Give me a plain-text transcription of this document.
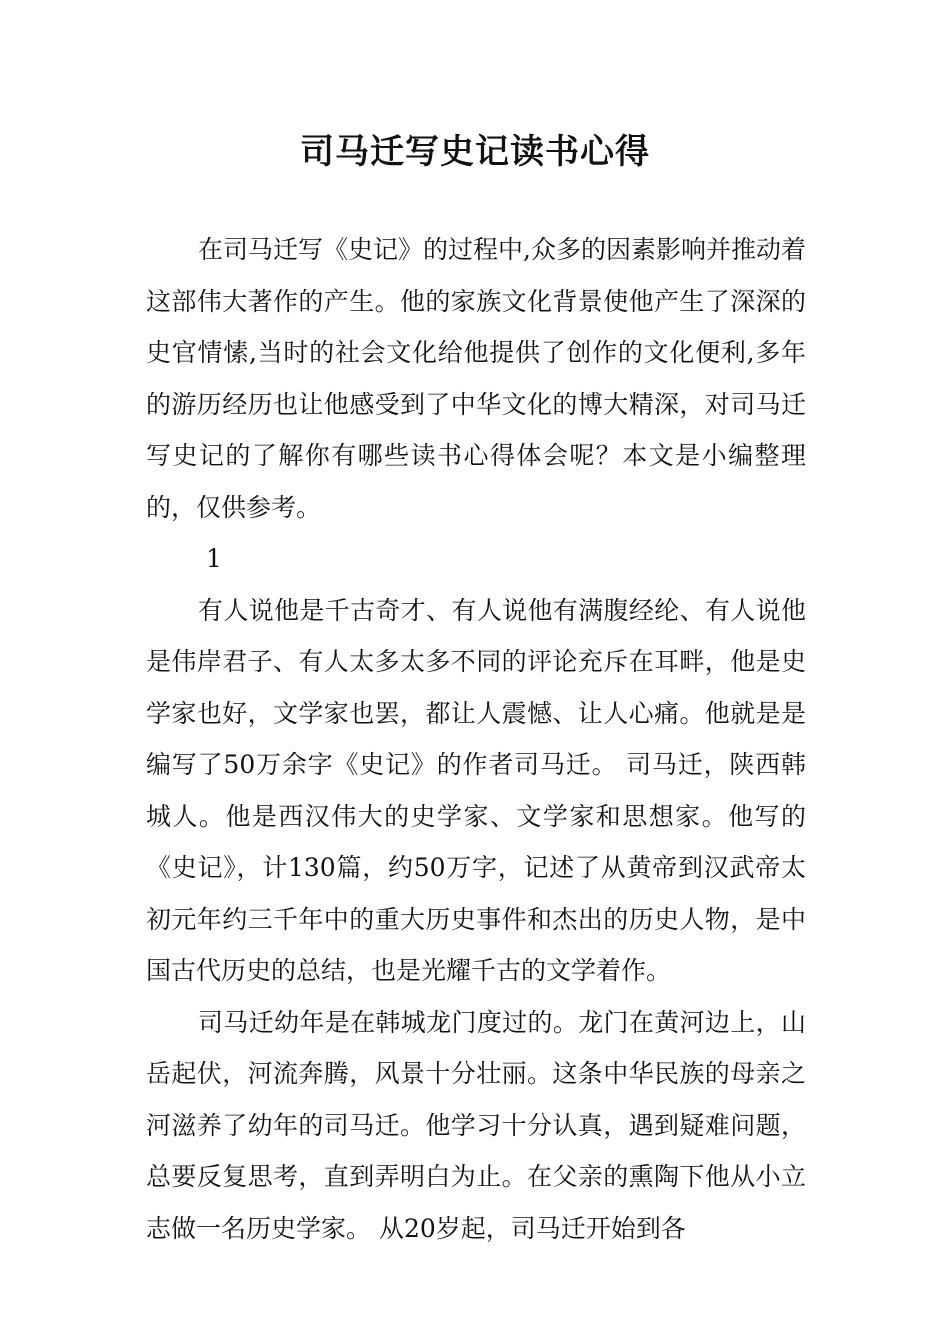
司马迁写史记读书心得

在司马迁写《史记》的过程中,众多的因素影响并推动着这部伟大著作的产生。他的家族文化背景使他产生了深深的史官情愫,当时的社会文化给他提供了创作的文化便利,多年的游历经历也让他感受到了中华文化的博大精深，对司马迁写史记的了解你有哪些读书心得体会呢？本文是小编整理的，仅供参考。

1

有人说他是千古奇才、有人说他有满腹经纶、有人说他是伟岸君子、有人太多太多不同的评论充斥在耳畔，他是史学家也好，文学家也罢，都让人震憾、让人心痛。他就是是编写了50万余字《史记》的作者司马迁。 司马迁，陕西韩城人。他是西汉伟大的史学家、文学家和思想家。他写的《史记》，计130篇，约50万字，记述了从黄帝到汉武帝太初元年约三千年中的重大历史事件和杰出的历史人物，是中国古代历史的总结，也是光耀千古的文学着作。

司马迁幼年是在韩城龙门度过的。龙门在黄河边上，山岳起伏，河流奔腾，风景十分壮丽。这条中华民族的母亲之河滋养了幼年的司马迁。他学习十分认真，遇到疑难问题，总要反复思考，直到弄明白为止。在父亲的熏陶下他从小立志做一名历史学家。 从20岁起，司马迁开始到各
